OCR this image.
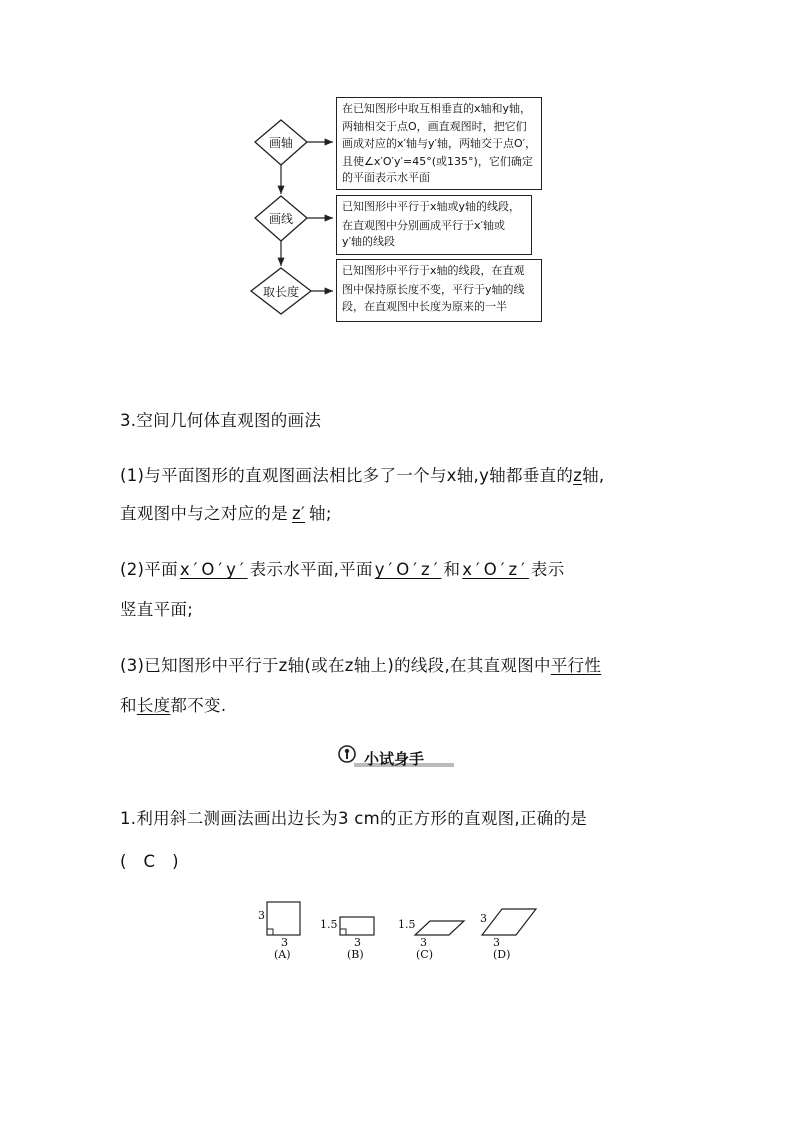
画轴
画线
取长度
在已知图形中取互相垂直的x轴和y轴，
两轴相交于点O，画直观图时，把它们
画成对应的x′轴与y′轴，两轴交于点O′，
且使∠x′O′y′=45°(或135°)，它们确定
的平面表示水平面
已知图形中平行于x轴或y轴的线段，
在直观图中分别画成平行于x′轴或
y′轴的线段
已知图形中平行于x轴的线段，在直观
图中保持原长度不变，平行于y轴的线
段，在直观图中长度为原来的一半
3.空间几何体直观图的画法
(1)与平面图形的直观图画法相比多了一个与x轴,y轴都垂直的z轴,
直观图中与之对应的是 z′ 轴;
(2)平面 x′O′y′ 表示水平面,平面 y′O′z′ 和 x′O′z′ 表示
竖直平面;
(3)已知图形中平行于z轴(或在z轴上)的线段,在其直观图中平行性
和长度都不变.
小试身手
1.利用斜二测画法画出边长为3 cm的正方形的直观图,正确的是
(　C　)
3
3
(A)
1.5
3
(B)
1.5
3
(C)
3
3
(D)
